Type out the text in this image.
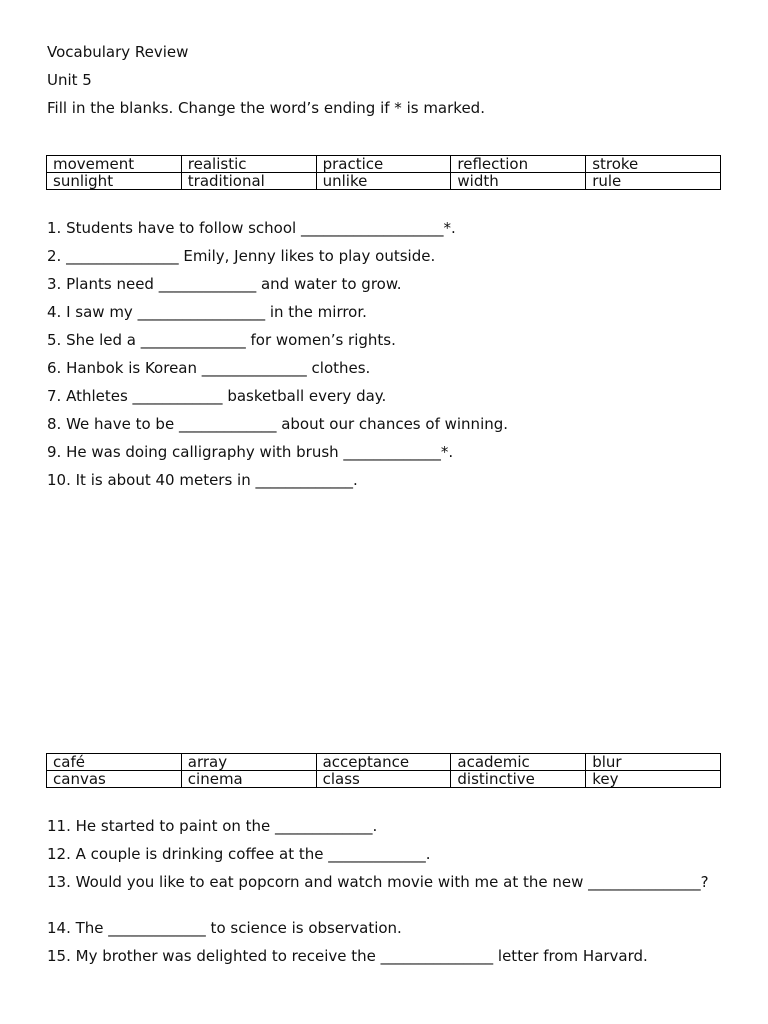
Vocabulary Review
Unit 5
Fill in the blanks. Change the word’s ending if * is marked.
movement	realistic	practice	reflection	stroke
sunlight	traditional	unlike	width	rule
1. Students have to follow school ___________________*.
2. _______________ Emily, Jenny likes to play outside.
3. Plants need _____________ and water to grow.
4. I saw my _________________ in the mirror.
5. She led a ______________ for women’s rights.
6. Hanbok is Korean ______________ clothes.
7. Athletes ____________ basketball every day.
8. We have to be _____________ about our chances of winning.
9. He was doing calligraphy with brush _____________*.
10. It is about 40 meters in _____________.
café	array	acceptance	academic	blur
canvas	cinema	class	distinctive	key
11. He started to paint on the _____________.
12. A couple is drinking coffee at the _____________.
13. Would you like to eat popcorn and watch movie with me at the new _______________?
14. The _____________ to science is observation.
15. My brother was delighted to receive the _______________ letter from Harvard.
